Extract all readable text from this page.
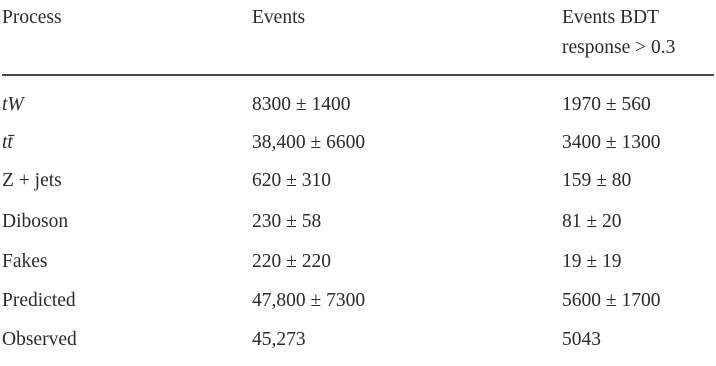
Process	Events	Events BDT
response > 0.3
tW	8300 ± 1400	1970 ± 560
tt̄	38,400 ± 6600	3400 ± 1300
Z + jets	620 ± 310	159 ± 80
Diboson	230 ± 58	81 ± 20
Fakes	220 ± 220	19 ± 19
Predicted	47,800 ± 7300	5600 ± 1700
Observed	45,273	5043
